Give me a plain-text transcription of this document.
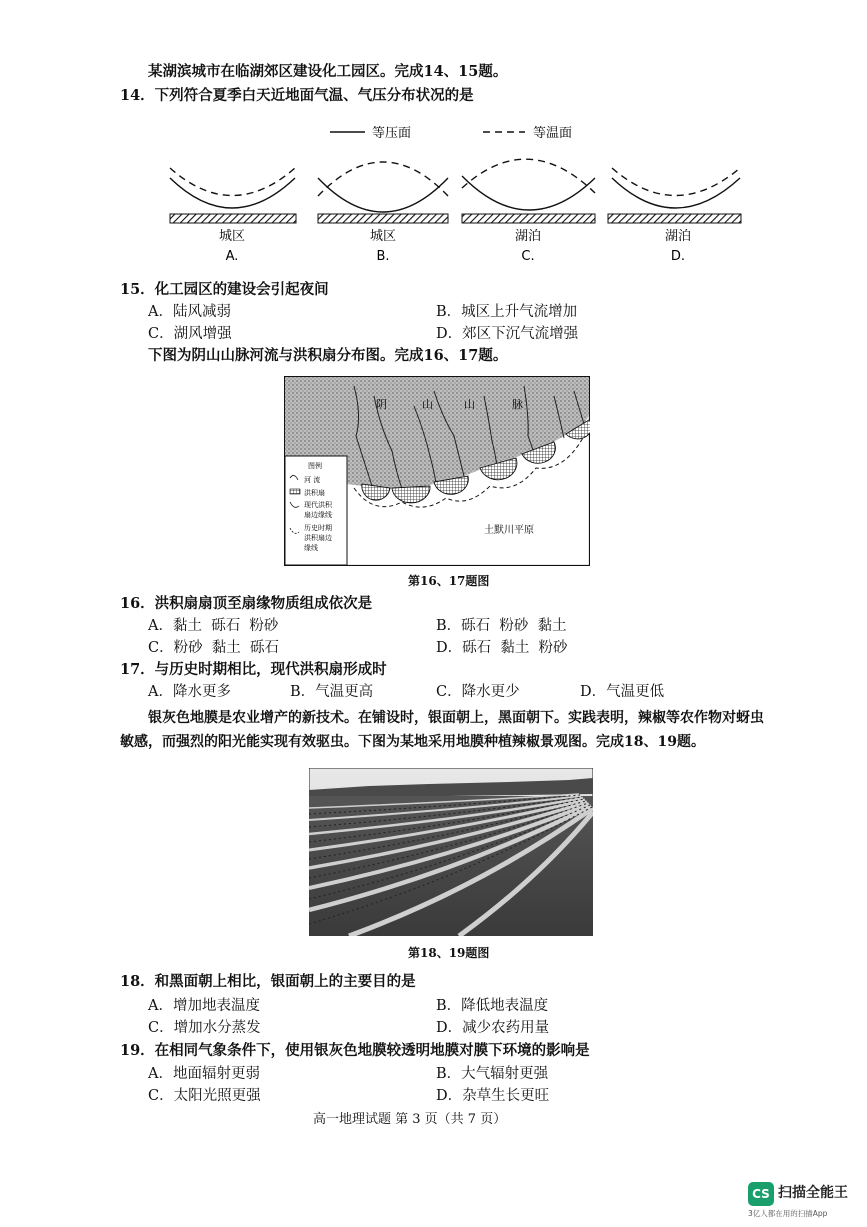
某湖滨城市在临湖郊区建设化工园区。完成14、15题。
14．下列符合夏季白天近地面气温、气压分布状况的是
等压面	等温面
城区
A.
城区
B.
湖泊
C.
湖泊
D.
15．化工园区的建设会引起夜间
A．陆风减弱	B．城区上升气流增加
C．湖风增强	D．郊区下沉气流增强
下图为阴山山脉河流与洪积扇分布图。完成16、17题。
阴	山	山	脉
土默川平原
图例
河 流
洪积扇
现代洪积
扇边缘线
历史时期
洪积扇边
缘线
第16、17题图
16．洪积扇扇顶至扇缘物质组成依次是
A．黏土  砾石  粉砂	B．砾石  粉砂  黏土
C．粉砂  黏土  砾石	D．砾石  黏土  粉砂
17．与历史时期相比，现代洪积扇形成时
A．降水更多	B．气温更高	C．降水更少	D．气温更低
银灰色地膜是农业增产的新技术。在铺设时，银面朝上，黑面朝下。实践表明，辣椒等农作物对蚜虫
敏感，而强烈的阳光能实现有效驱虫。下图为某地采用地膜种植辣椒景观图。完成18、19题。
第18、19题图
18．和黑面朝上相比，银面朝上的主要目的是
A．增加地表温度	B．降低地表温度
C．增加水分蒸发	D．减少农药用量
19．在相同气象条件下，使用银灰色地膜较透明地膜对膜下环境的影响是
A．地面辐射更弱	B．大气辐射更强
C．太阳光照更强	D．杂草生长更旺
高一地理试题 第 3 页（共 7 页）
CS 扫描全能王
3亿人都在用的扫描App
